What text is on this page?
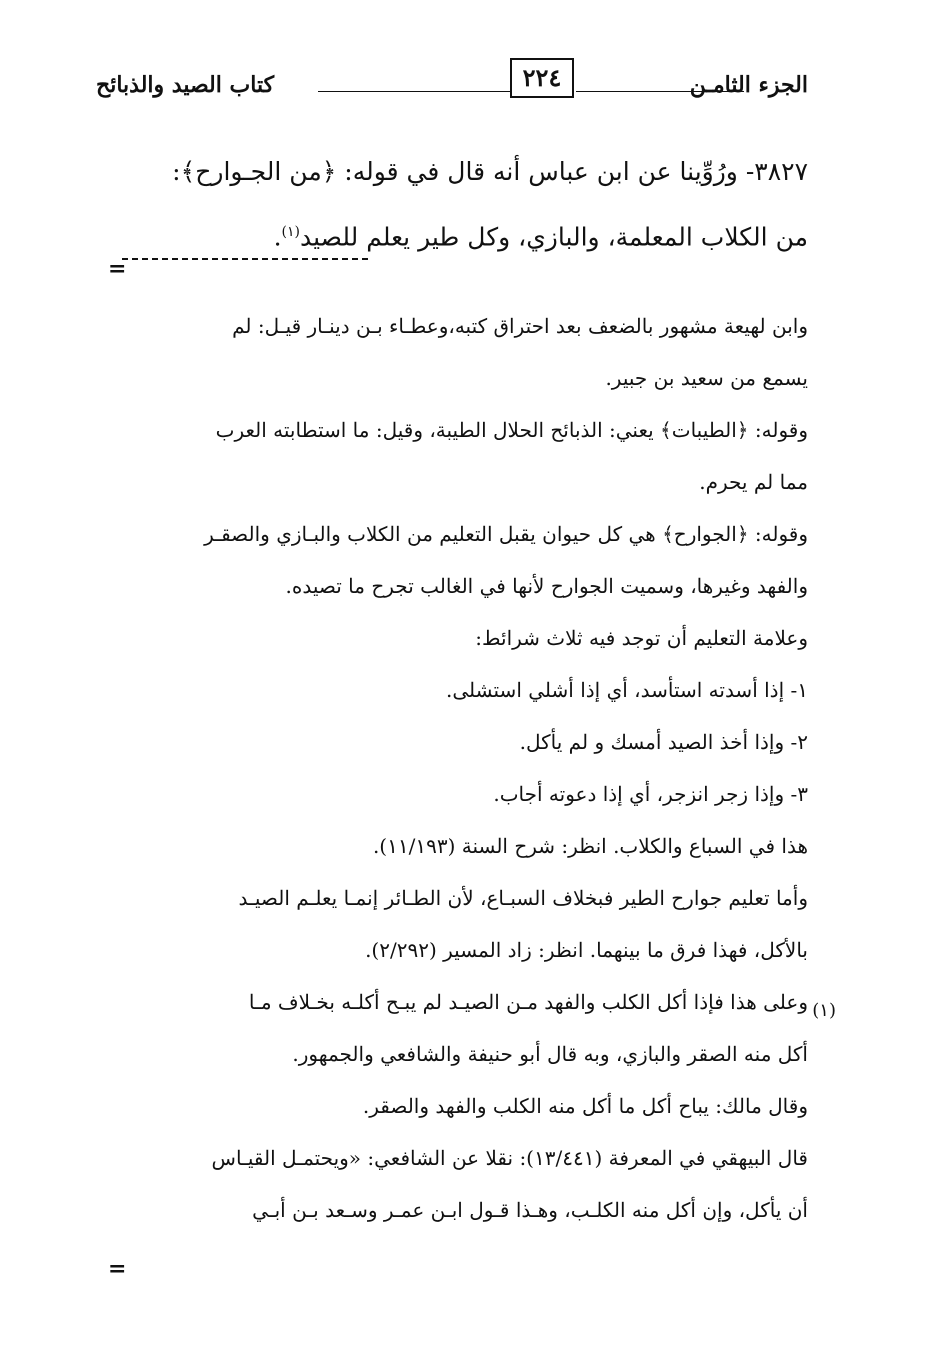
الجزء الثامـن
٢٢٤
كتاب الصيد والذبائح

٣٨٢٧- ورُوِّينا عن ابن عباس أنه قال في قوله: ﴿من الجـوارح﴾:

من الكلاب المعلمة، والبازي، وكل طير يعلم للصيد$^{(١)}$.

=

وابن لهيعة مشهور بالضعف بعد احتراق كتبه،وعطـاء بـن دينـار قيـل: لم

يسمع من سعيد بن جبير.

وقوله: ﴿الطيبات﴾ يعني: الذبائح الحلال الطيبة، وقيل: ما استطابته العرب

مما لم يحرم.

وقوله: ﴿الجوارح﴾ هي كل حيوان يقبل التعليم من الكلاب والبـازي والصقـر

والفهد وغيرها، وسميت الجوارح لأنها في الغالب تجرح ما تصيده.

وعلامة التعليم أن توجد فيه ثلاث شرائط:

١- إذا أسدته استأسد، أي إذا أشلي استشلى.

٢- وإذا أخذ الصيد أمسك و لم يأكل.

٣- وإذا زجر انزجر، أي إذا دعوته أجاب.

هذا في السباع والكلاب. انظر: شرح السنة (١١/١٩٣).

وأما تعليم جوارح الطير فبخلاف السبـاع، لأن الطـائر إنمـا يعلـم الصيـد

بالأكل، فهذا فرق ما بينهما. انظر: زاد المسير (٢/٢٩٢).

وعلى هذا فإذا أكل الكلب والفهد مـن الصيـد لم يبـح أكلـه بخـلاف مـا

أكل منه الصقر والبازي، وبه قال أبو حنيفة والشافعي والجمهور.

وقال مالك: يباح أكل ما أكل منه الكلب والفهد والصقر.

قال البيهقي في المعرفة (١٣/٤٤١): نقلا عن الشافعي: «ويحتمـل القيـاس

أن يأكل، وإن أكل منه الكلـب، وهـذا قـول ابـن عمـر وسـعد بـن أبـي

(١)
=
